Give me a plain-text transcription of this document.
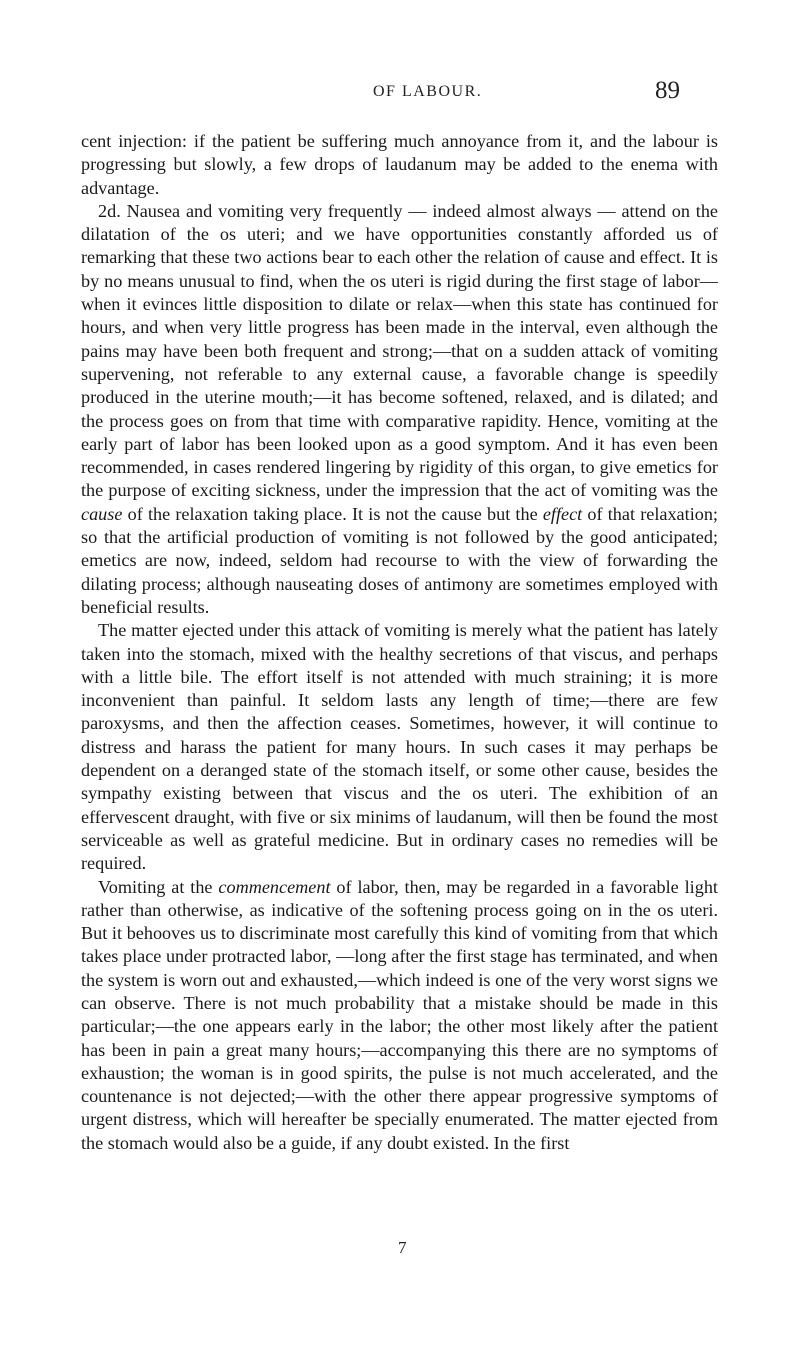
OF LABOUR.	89

cent injection: if the patient be suffering much annoyance from it, and the labour is progressing but slowly, a few drops of laudanum may be added to the enema with advantage.

2d. Nausea and vomiting very frequently — indeed almost always — attend on the dilatation of the os uteri; and we have opportunities constantly afforded us of remarking that these two actions bear to each other the relation of cause and effect. It is by no means unusual to find, when the os uteri is rigid during the first stage of labor—when it evinces little disposition to dilate or relax—when this state has continued for hours, and when very little progress has been made in the interval, even although the pains may have been both frequent and strong;—that on a sudden attack of vomiting supervening, not referable to any external cause, a favorable change is speedily produced in the uterine mouth;—it has become softened, relaxed, and is dilated; and the process goes on from that time with comparative rapidity. Hence, vomiting at the early part of labor has been looked upon as a good symptom. And it has even been recommended, in cases rendered lingering by rigidity of this organ, to give emetics for the purpose of exciting sickness, under the impression that the act of vomiting was the cause of the relaxation taking place. It is not the cause but the effect of that relaxation; so that the artificial production of vomiting is not followed by the good anticipated; emetics are now, indeed, seldom had recourse to with the view of forwarding the dilating process; although nauseating doses of antimony are sometimes employed with beneficial results.

The matter ejected under this attack of vomiting is merely what the patient has lately taken into the stomach, mixed with the healthy secretions of that viscus, and perhaps with a little bile. The effort itself is not attended with much straining; it is more inconvenient than painful. It seldom lasts any length of time;—there are few paroxysms, and then the affection ceases. Sometimes, however, it will continue to distress and harass the patient for many hours. In such cases it may perhaps be dependent on a deranged state of the stomach itself, or some other cause, besides the sympathy existing between that viscus and the os uteri. The exhibition of an effervescent draught, with five or six minims of laudanum, will then be found the most serviceable as well as grateful medicine. But in ordinary cases no remedies will be required.

Vomiting at the commencement of labor, then, may be regarded in a favorable light rather than otherwise, as indicative of the softening process going on in the os uteri. But it behooves us to discriminate most carefully this kind of vomiting from that which takes place under protracted labor, —long after the first stage has terminated, and when the system is worn out and exhausted,—which indeed is one of the very worst signs we can observe. There is not much probability that a mistake should be made in this particular;—the one appears early in the labor; the other most likely after the patient has been in pain a great many hours;—accompanying this there are no symptoms of exhaustion; the woman is in good spirits, the pulse is not much accelerated, and the countenance is not dejected;—with the other there appear progressive symptoms of urgent distress, which will hereafter be specially enumerated. The matter ejected from the stomach would also be a guide, if any doubt existed. In the first

7
